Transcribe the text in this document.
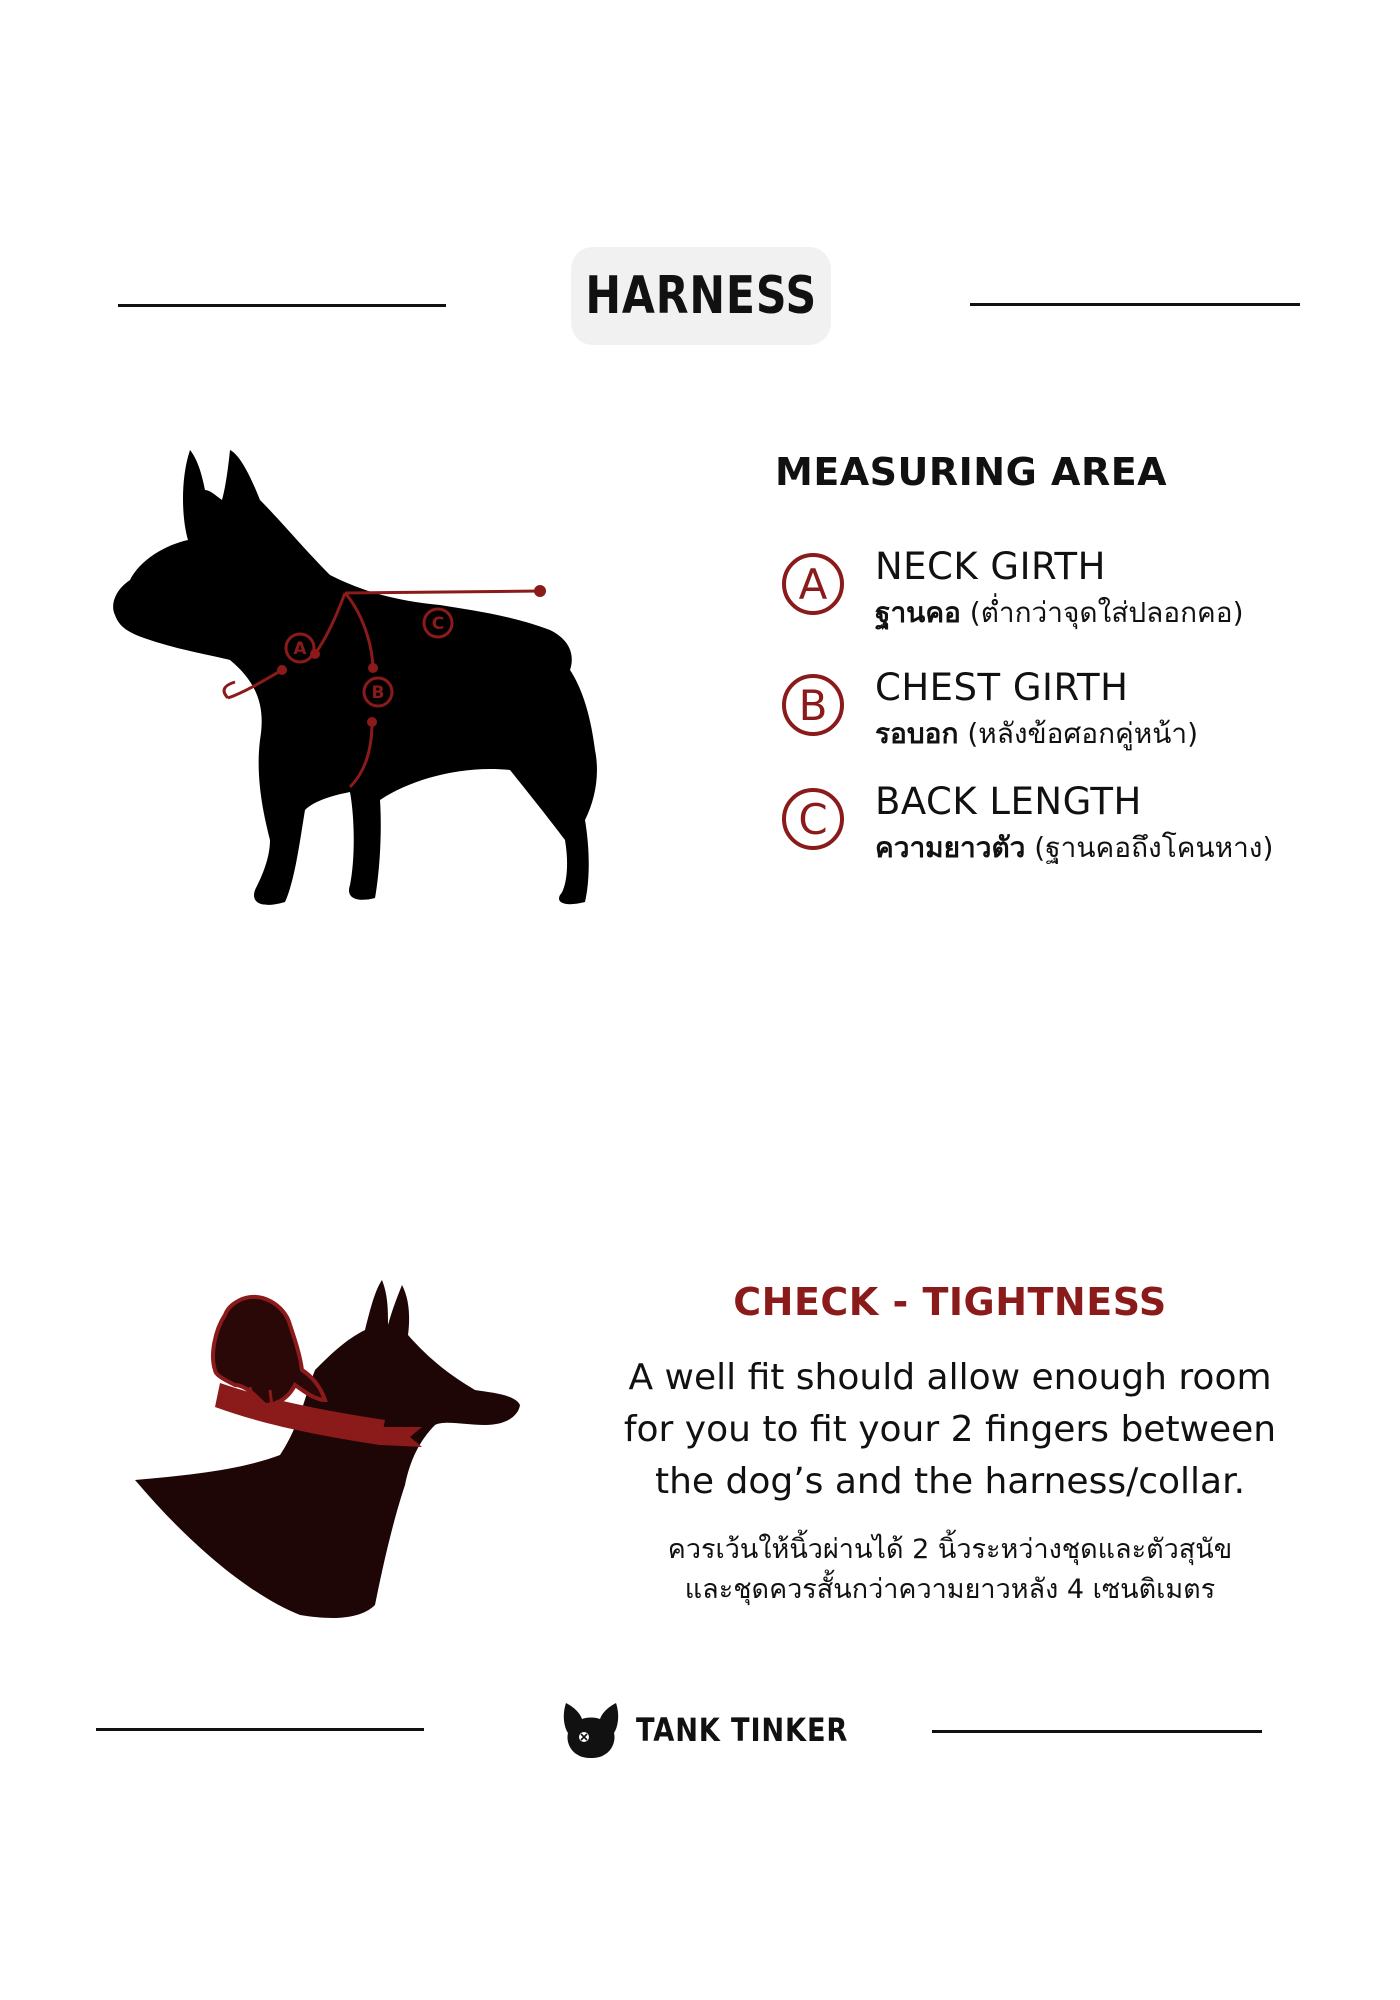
HARNESS
A
B
C
MEASURING AREA
A NECK GIRTH
ฐานคอ (ต่ำกว่าจุดใส่ปลอกคอ)
B CHEST GIRTH
รอบอก (หลังข้อศอกคู่หน้า)
C BACK LENGTH
ความยาวตัว (ฐานคอถึงโคนหาง)
CHECK - TIGHTNESS
A well fit should allow enough room
for you to fit your 2 fingers between
the dog’s and the harness/collar.
ควรเว้นให้นิ้วผ่านได้ 2 นิ้วระหว่างชุดและตัวสุนัข
และชุดควรสั้นกว่าความยาวหลัง 4 เซนติเมตร
TANK TINKER
